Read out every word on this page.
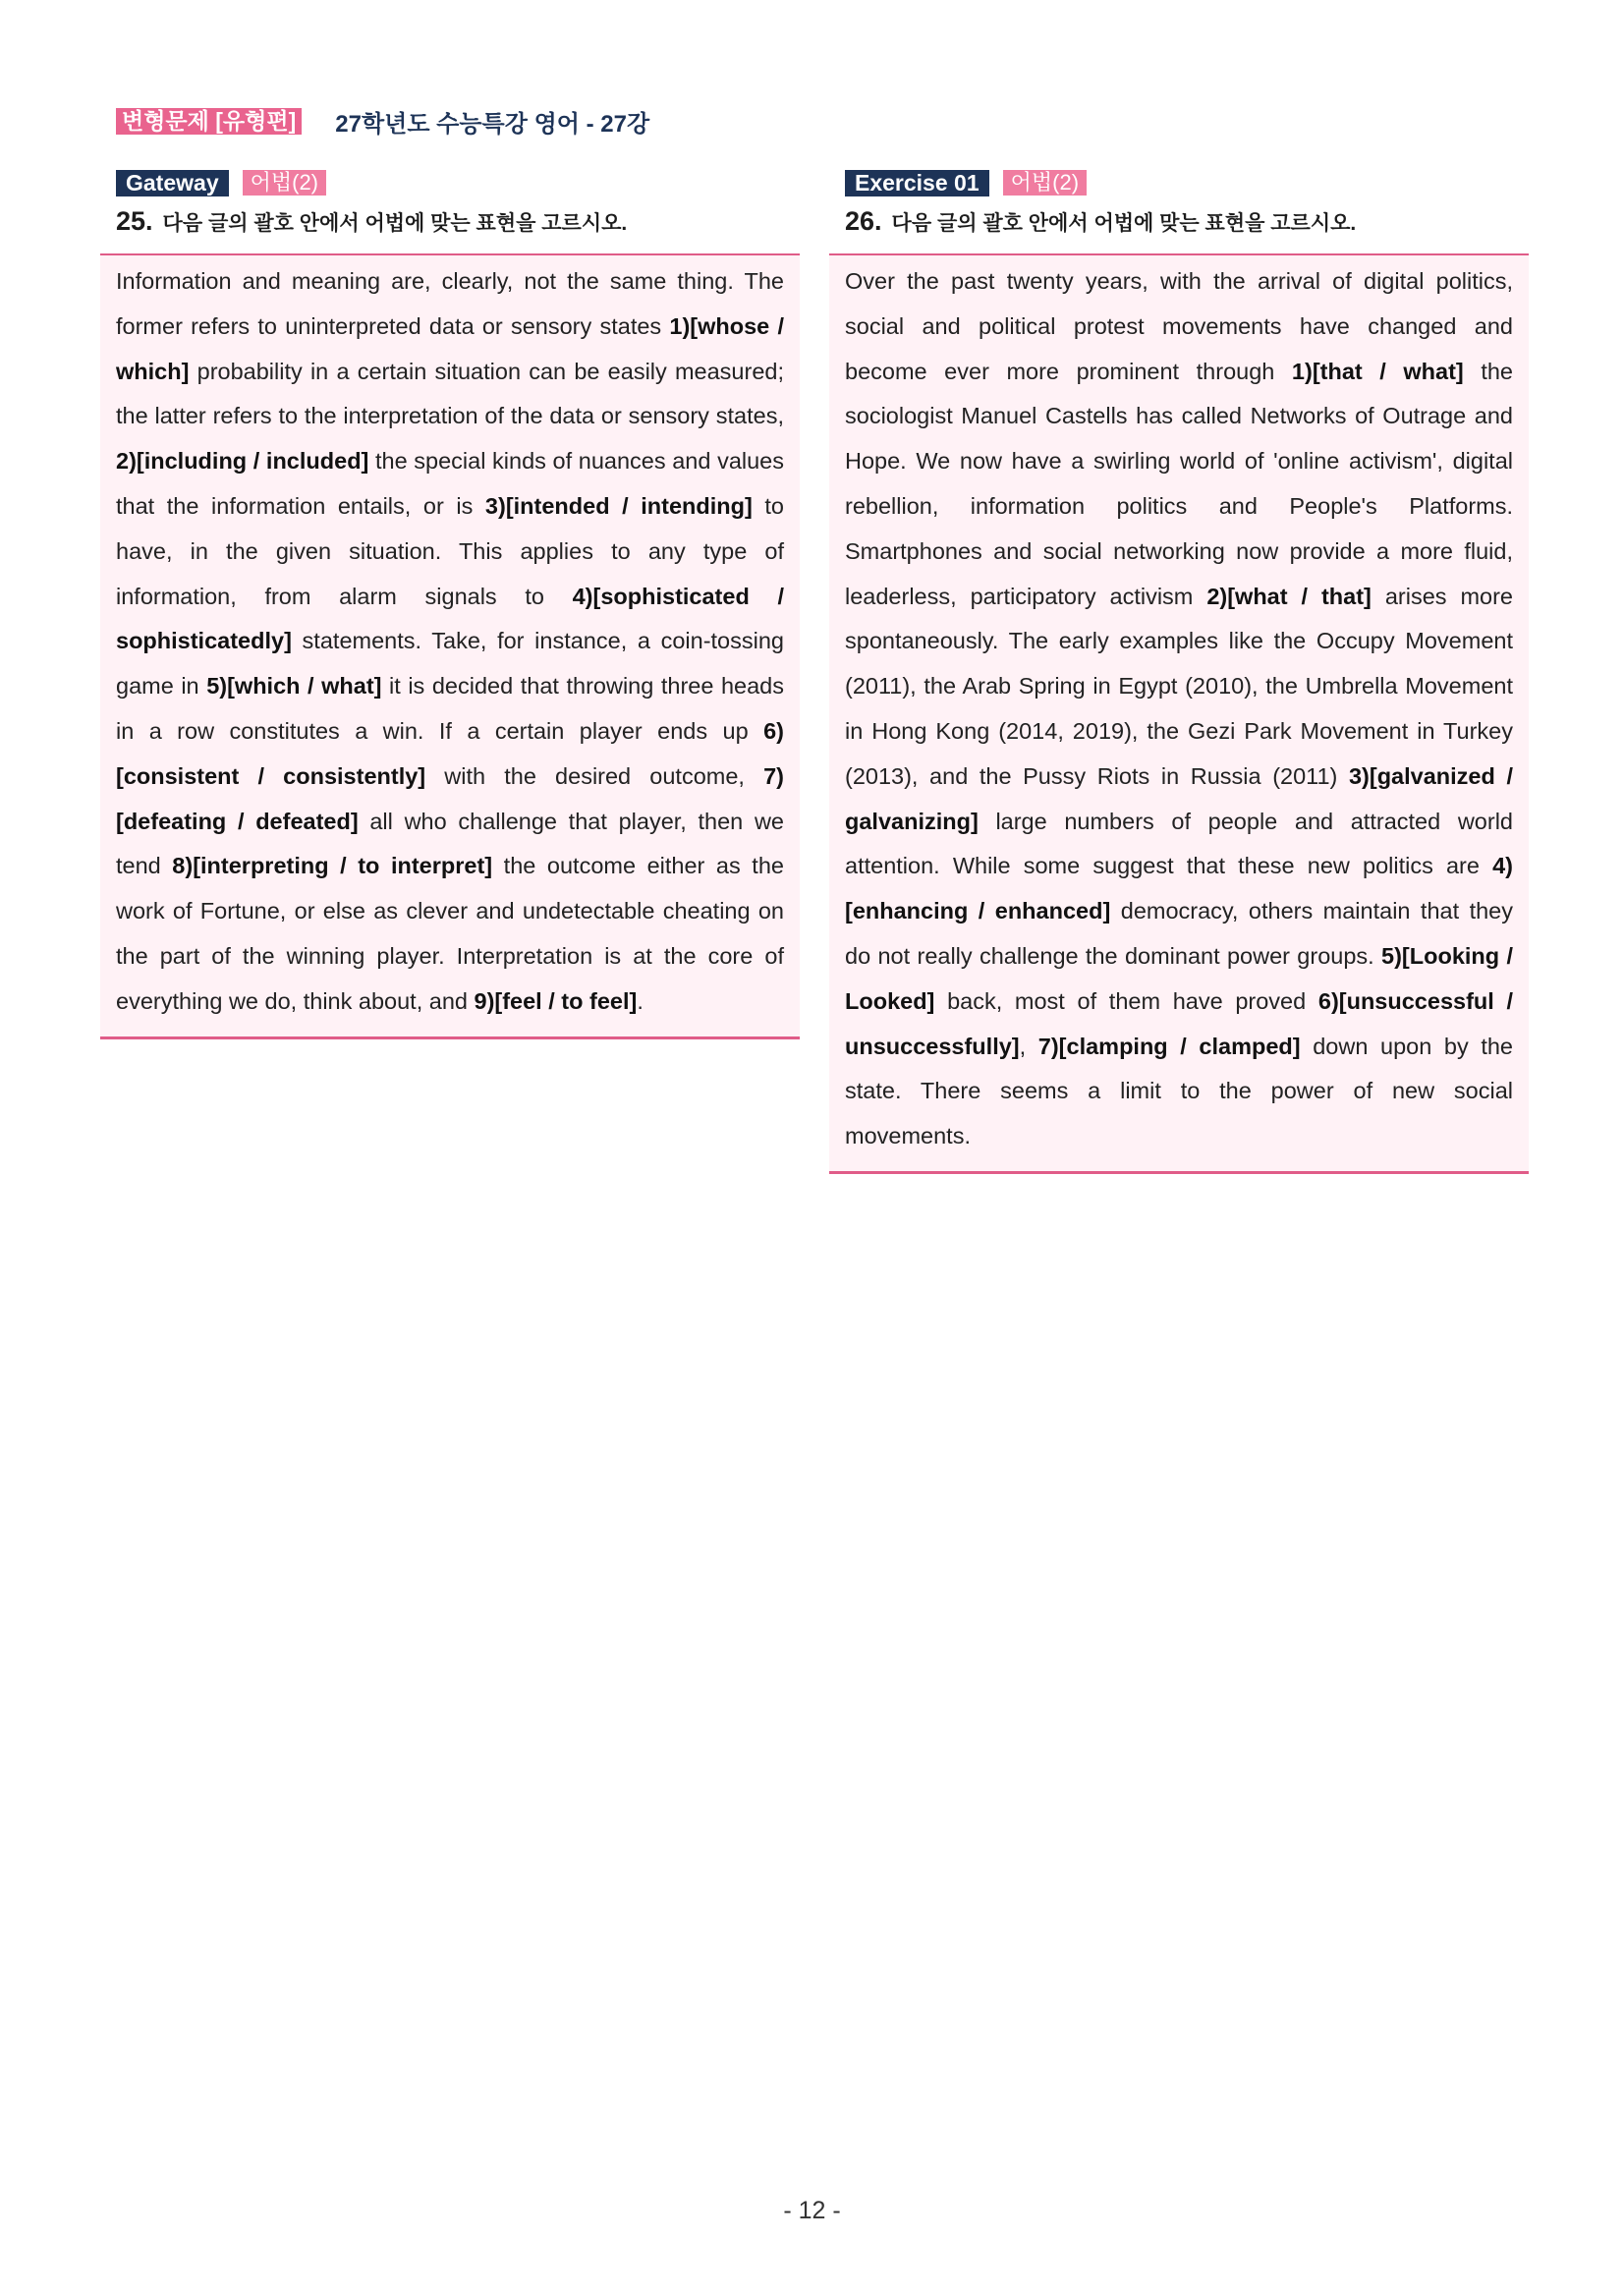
변형문제 [유형편] 27학년도 수능특강 영어 - 27강
Gateway	어법(2)
25. 다음 글의 괄호 안에서 어법에 맞는 표현을 고르시오.

Information and meaning are, clearly, not the same thing. The former refers to uninterpreted data or sensory states 1)[whose / which] probability in a certain situation can be easily measured; the latter refers to the interpretation of the data or sensory states, 2)[including / included] the special kinds of nuances and values that the information entails, or is 3)[intended / intending] to have, in the given situation. This applies to any type of information, from alarm signals to 4)[sophisticated / sophisticatedly] statements. Take, for instance, a coin-tossing game in 5)[which / what] it is decided that throwing three heads in a row constitutes a win. If a certain player ends up 6)[consistent / consistently] with the desired outcome, 7)[defeating / defeated] all who challenge that player, then we tend 8)[interpreting / to interpret] the outcome either as the work of Fortune, or else as clever and undetectable cheating on the part of the winning player. Interpretation is at the core of everything we do, think about, and 9)[feel / to feel].

Exercise 01	어법(2)
26. 다음 글의 괄호 안에서 어법에 맞는 표현을 고르시오.

Over the past twenty years, with the arrival of digital politics, social and political protest movements have changed and become ever more prominent through 1)[that / what] the sociologist Manuel Castells has called Networks of Outrage and Hope. We now have a swirling world of 'online activism', digital rebellion, information politics and People's Platforms. Smartphones and social networking now provide a more fluid, leaderless, participatory activism 2)[what / that] arises more spontaneously. The early examples like the Occupy Movement (2011), the Arab Spring in Egypt (2010), the Umbrella Movement in Hong Kong (2014, 2019), the Gezi Park Movement in Turkey (2013), and the Pussy Riots in Russia (2011) 3)[galvanized / galvanizing] large numbers of people and attracted world attention. While some suggest that these new politics are 4)[enhancing / enhanced] democracy, others maintain that they do not really challenge the dominant power groups. 5)[Looking / Looked] back, most of them have proved 6)[unsuccessful / unsuccessfully], 7)[clamping / clamped] down upon by the state. There seems a limit to the power of new social movements.

- 12 -
